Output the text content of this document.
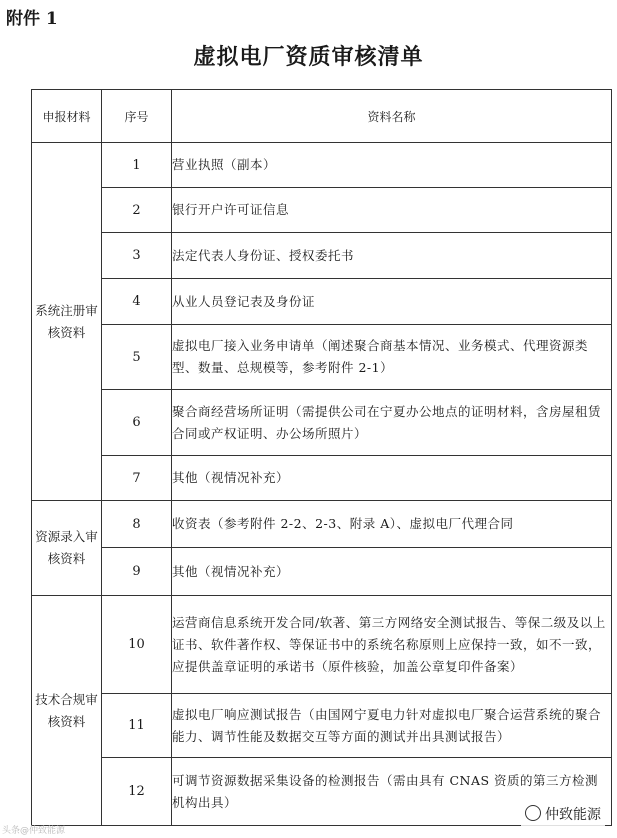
附件 1
虚拟电厂资质审核清单
申报材料	序号	资料名称
系统注册审核资料	1	营业执照（副本）
	2	银行开户许可证信息
	3	法定代表人身份证、授权委托书
	4	从业人员登记表及身份证
	5	虚拟电厂接入业务申请单（阐述聚合商基本情况、业务模式、代理资源类型、数量、总规模等，参考附件 2-1）
	6	聚合商经营场所证明（需提供公司在宁夏办公地点的证明材料，含房屋租赁合同或产权证明、办公场所照片）
	7	其他（视情况补充）
资源录入审核资料	8	收资表（参考附件 2-2、2-3、附录 A）、虚拟电厂代理合同
	9	其他（视情况补充）
技术合规审核资料	10	运营商信息系统开发合同/软著、第三方网络安全测试报告、等保二级及以上证书、软件著作权、等保证书中的系统名称原则上应保持一致，如不一致，应提供盖章证明的承诺书（原件核验，加盖公章复印件备案）
	11	虚拟电厂响应测试报告（由国网宁夏电力针对虚拟电厂聚合运营系统的聚合能力、调节性能及数据交互等方面的测试并出具测试报告）
	12	可调节资源数据采集设备的检测报告（需由具有 CNAS 资质的第三方检测机构出具）
仲致能源
头条@仲致能源
